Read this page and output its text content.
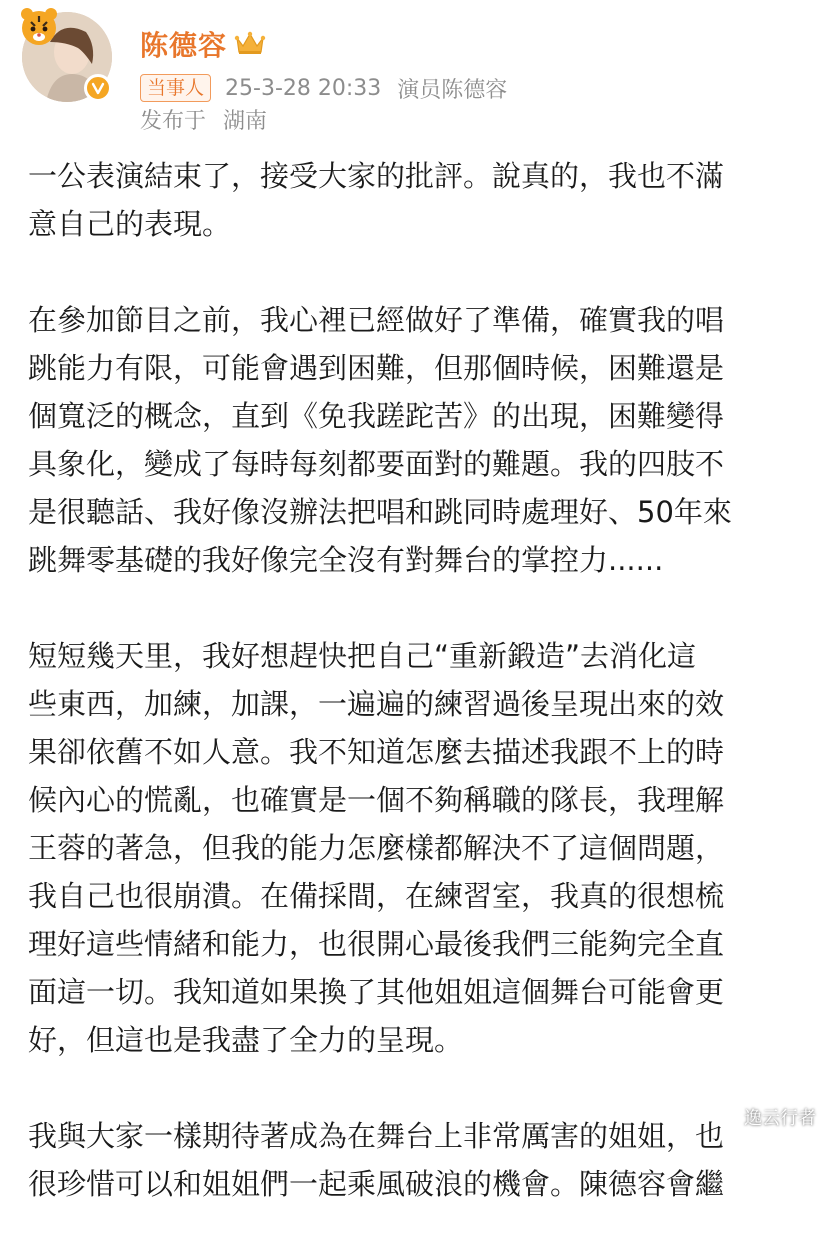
陈德容
当事人 25-3-28 20:33 演员陈德容
发布于 湖南

一公表演結束了，接受大家的批評。說真的，我也不滿
意自己的表現。

在參加節目之前，我心裡已經做好了準備，確實我的唱
跳能力有限，可能會遇到困難，但那個時候，困難還是
個寬泛的概念，直到《免我蹉跎苦》的出現，困難變得
具象化，變成了每時每刻都要面對的難題。我的四肢不
是很聽話、我好像沒辦法把唱和跳同時處理好、50年來
跳舞零基礎的我好像完全沒有對舞台的掌控力......

短短幾天里，我好想趕快把自己“重新鍛造”去消化這
些東西，加練，加課，一遍遍的練習過後呈現出來的效
果卻依舊不如人意。我不知道怎麼去描述我跟不上的時
候內心的慌亂，也確實是一個不夠稱職的隊長，我理解
王蓉的著急，但我的能力怎麼樣都解決不了這個問題，
我自己也很崩潰。在備採間，在練習室，我真的很想梳
理好這些情緒和能力，也很開心最後我們三能夠完全直
面這一切。我知道如果換了其他姐姐這個舞台可能會更
好，但這也是我盡了全力的呈現。

我與大家一樣期待著成為在舞台上非常厲害的姐姐，也
很珍惜可以和姐姐們一起乘風破浪的機會。陳德容會繼

逸云行者
